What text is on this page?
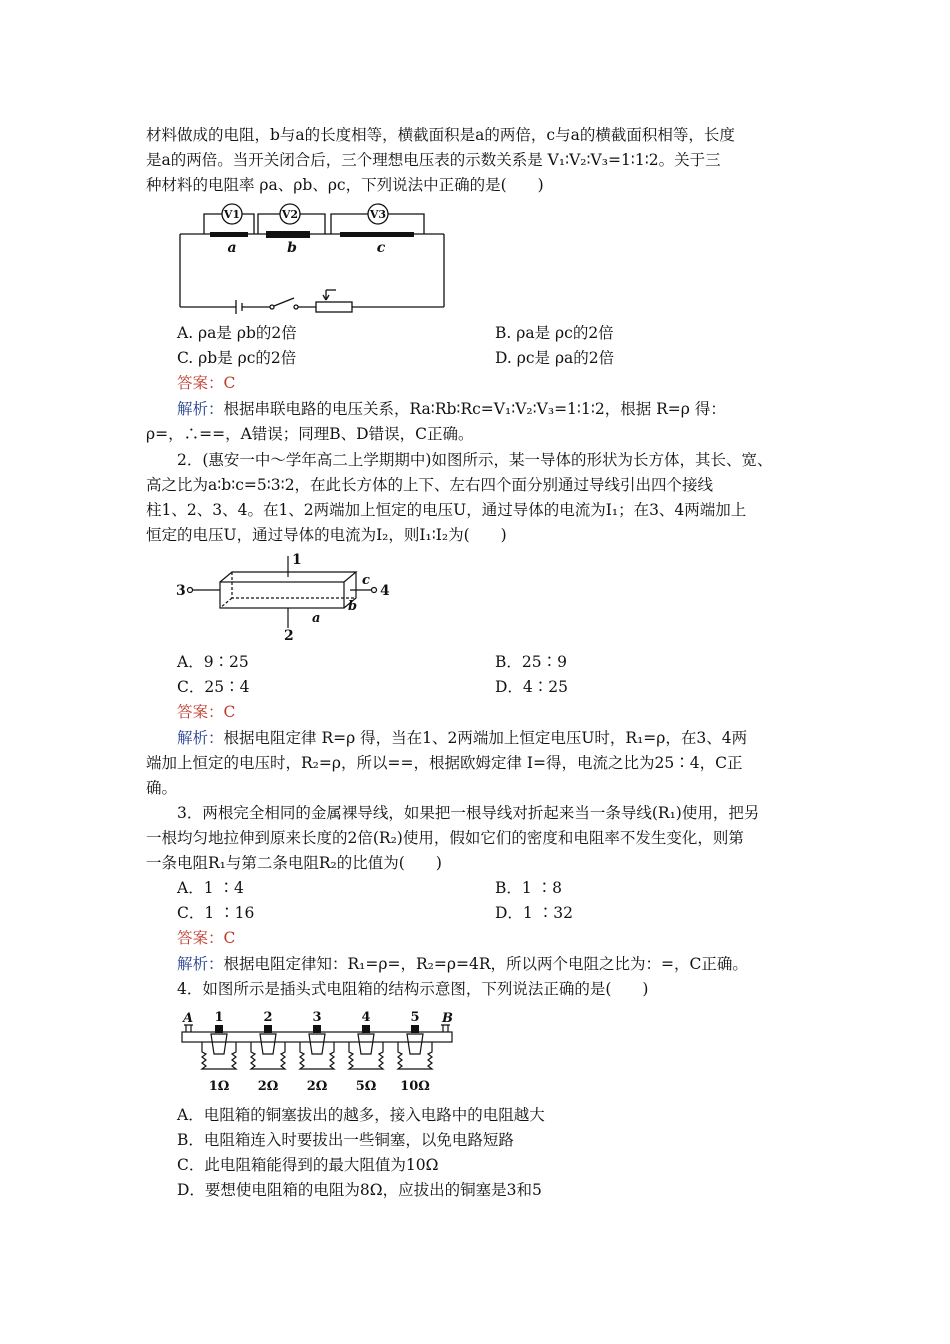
材料做成的电阻，b与a的长度相等，横截面积是a的两倍，c与a的横截面积相等，长度
是a的两倍。当开关闭合后，三个理想电压表的示数关系是 V₁∶V₂∶V₃=1∶1∶2。关于三
种材料的电阻率 ρa、ρb、ρc，下列说法中正确的是(　　)
V1	V2	V3
a	b	c
A. ρa是 ρb的2倍	B. ρa是 ρc的2倍
C. ρb是 ρc的2倍	D. ρc是 ρa的2倍
答案：C
解析：根据串联电路的电压关系，Ra∶Rb∶Rc=V₁∶V₂∶V₃=1∶1∶2，根据 R=ρ 得：
ρ=，∴==，A错误；同理B、D错误，C正确。
2．(惠安一中～学年高二上学期期中)如图所示，某一导体的形状为长方体，其长、宽、
高之比为a∶b∶c=5∶3∶2，在此长方体的上下、左右四个面分别通过导线引出四个接线
柱1、2、3、4。在1、2两端加上恒定的电压U，通过导体的电流为I₁；在3、4两端加上
恒定的电压U，通过导体的电流为I₂，则I₁∶I₂为(　　)
1
2
3	4
a
b
c
A．9∶25	B．25∶9
C．25∶4	D．4∶25
答案：C
解析：根据电阻定律 R=ρ 得，当在1、2两端加上恒定电压U时，R₁=ρ，在3、4两
端加上恒定的电压时，R₂=ρ，所以==，根据欧姆定律 I=得，电流之比为25∶4，C正
确。
3．两根完全相同的金属裸导线，如果把一根导线对折起来当一条导线(R₁)使用，把另
一根均匀地拉伸到原来长度的2倍(R₂)使用，假如它们的密度和电阻率不发生变化，则第
一条电阻R₁与第二条电阻R₂的比值为(　　)
A．1 ∶4	B．1 ∶8
C．1 ∶16	D．1 ∶32
答案：C
解析：根据电阻定律知：R₁=ρ=，R₂=ρ=4R，所以两个电阻之比为：=，C正确。
4．如图所示是插头式电阻箱的结构示意图，下列说法正确的是(　　)
A	B
1	2	3	4	5
1Ω 2Ω 2Ω 5Ω 10Ω
A．电阻箱的铜塞拔出的越多，接入电路中的电阻越大
B．电阻箱连入时要拔出一些铜塞，以免电路短路
C．此电阻箱能得到的最大阻值为10Ω
D．要想使电阻箱的电阻为8Ω，应拔出的铜塞是3和5
